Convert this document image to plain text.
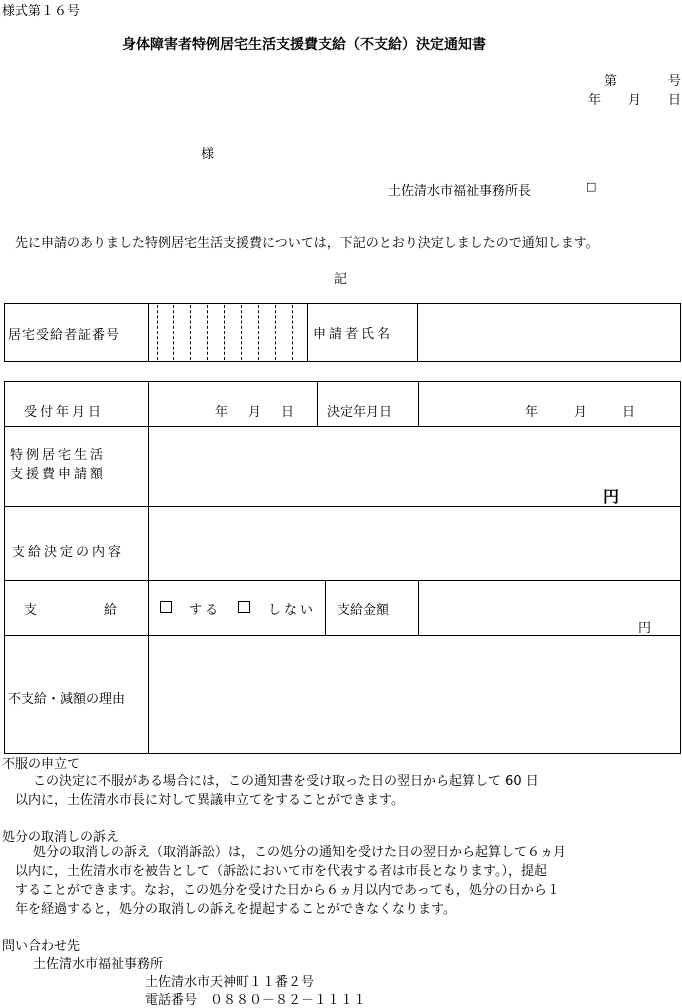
様式第１６号
身体障害者特例居宅生活支援費支給（不支給）決定通知書
第	号
年 月 日
様
土佐清水市福祉事務所長	□
先に申請のありました特例居宅生活支援費については，下記のとおり決定しましたので通知します。
記
居宅受給者証番号	申請者氏名
受付年月日	年 月 日	決定年月日	年	月	日
特例居宅生活
支援費申請額
円
支給決定の内容
支	給	する	しない 支給金額
円
不支給・減額の理由
不服の申立て
この決定に不服がある場合には，この通知書を受け取った日の翌日から起算して 60 日
以内に，土佐清水市長に対して異議申立てをすることができます。
処分の取消しの訴え
処分の取消しの訴え（取消訴訟）は，この処分の通知を受けた日の翌日から起算して６ヵ月
以内に，土佐清水市を被告として（訴訟において市を代表する者は市長となります。），提起
することができます。なお，この処分を受けた日から６ヵ月以内であっても，処分の日から１
年を経過すると，処分の取消しの訴えを提起することができなくなります。
問い合わせ先
土佐清水市福祉事務所
土佐清水市天神町１１番２号
電話番号　０８８０－８２－１１１１
